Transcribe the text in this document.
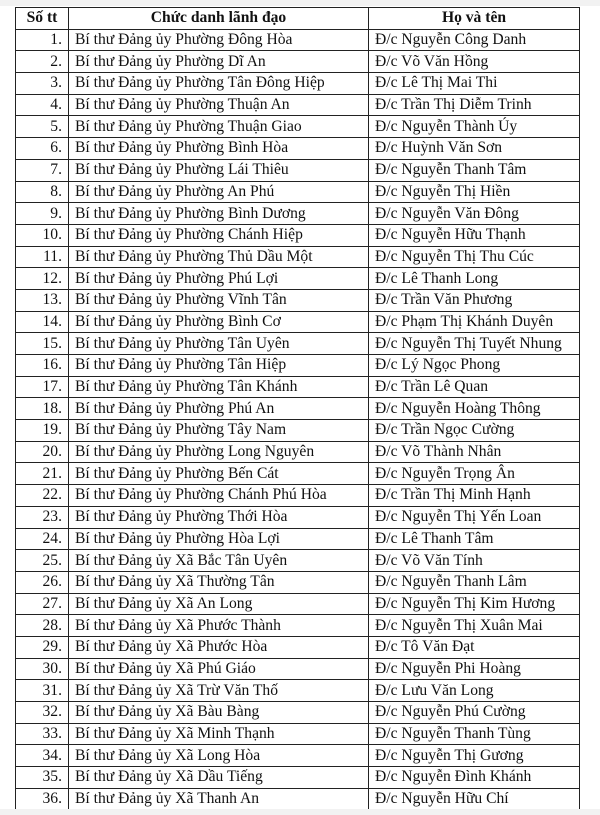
Số tt	Chức danh lãnh đạo	Họ và tên
1.	Bí thư Đảng ủy Phường Đông Hòa	Đ/c Nguyễn Công Danh
2.	Bí thư Đảng ủy Phường Dĩ An	Đ/c Võ Văn Hồng
3.	Bí thư Đảng ủy Phường Tân Đông Hiệp	Đ/c Lê Thị Mai Thi
4.	Bí thư Đảng ủy Phường Thuận An	Đ/c Trần Thị Diễm Trinh
5.	Bí thư Đảng ủy Phường Thuận Giao	Đ/c Nguyễn Thành Úy
6.	Bí thư Đảng ủy Phường Bình Hòa	Đ/c Huỳnh Văn Sơn
7.	Bí thư Đảng ủy Phường Lái Thiêu	Đ/c Nguyễn Thanh Tâm
8.	Bí thư Đảng ủy Phường An Phú	Đ/c Nguyễn Thị Hiền
9.	Bí thư Đảng ủy Phường Bình Dương	Đ/c Nguyễn Văn Đông
10.	Bí thư Đảng ủy Phường Chánh Hiệp	Đ/c Nguyễn Hữu Thạnh
11.	Bí thư Đảng ủy Phường Thủ Dầu Một	Đ/c Nguyễn Thị Thu Cúc
12.	Bí thư Đảng ủy Phường Phú Lợi	Đ/c Lê Thanh Long
13.	Bí thư Đảng ủy Phường Vĩnh Tân	Đ/c Trần Văn Phương
14.	Bí thư Đảng ủy Phường Bình Cơ	Đ/c Phạm Thị Khánh Duyên
15.	Bí thư Đảng ủy Phường Tân Uyên	Đ/c Nguyễn Thị Tuyết Nhung
16.	Bí thư Đảng ủy Phường Tân Hiệp	Đ/c Lý Ngọc Phong
17.	Bí thư Đảng ủy Phường Tân Khánh	Đ/c Trần Lê Quan
18.	Bí thư Đảng ủy Phường Phú An	Đ/c Nguyễn Hoàng Thông
19.	Bí thư Đảng ủy Phường Tây Nam	Đ/c Trần Ngọc Cường
20.	Bí thư Đảng ủy Phường Long Nguyên	Đ/c Võ Thành Nhân
21.	Bí thư Đảng ủy Phường Bến Cát	Đ/c Nguyễn Trọng Ân
22.	Bí thư Đảng ủy Phường Chánh Phú Hòa	Đ/c Trần Thị Minh Hạnh
23.	Bí thư Đảng ủy Phường Thới Hòa	Đ/c Nguyễn Thị Yến Loan
24.	Bí thư Đảng ủy Phường Hòa Lợi	Đ/c Lê Thanh Tâm
25.	Bí thư Đảng ủy Xã Bắc Tân Uyên	Đ/c Võ Văn Tính
26.	Bí thư Đảng ủy Xã Thường Tân	Đ/c Nguyễn Thanh Lâm
27.	Bí thư Đảng ủy Xã An Long	Đ/c Nguyễn Thị Kim Hương
28.	Bí thư Đảng ủy Xã Phước Thành	Đ/c Nguyễn Thị Xuân Mai
29.	Bí thư Đảng ủy Xã Phước Hòa	Đ/c Tô Văn Đạt
30.	Bí thư Đảng ủy Xã Phú Giáo	Đ/c Nguyễn Phi Hoàng
31.	Bí thư Đảng ủy Xã Trừ Văn Thố	Đ/c Lưu Văn Long
32.	Bí thư Đảng ủy Xã Bàu Bàng	Đ/c Nguyễn Phú Cường
33.	Bí thư Đảng ủy Xã Minh Thạnh	Đ/c Nguyễn Thanh Tùng
34.	Bí thư Đảng ủy Xã Long Hòa	Đ/c Nguyễn Thị Gương
35.	Bí thư Đảng ủy Xã Dầu Tiếng	Đ/c Nguyễn Đình Khánh
36.	Bí thư Đảng ủy Xã Thanh An	Đ/c Nguyễn Hữu Chí
